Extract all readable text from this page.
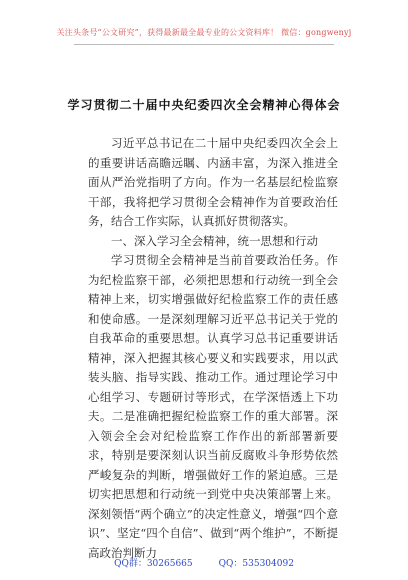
关注头条号“公文研究”，获得最新最全最专业的公文资料库！ 微信：gongwenyj
学习贯彻二十届中央纪委四次全会精神心得体会

习近平总书记在二十届中央纪委四次全会上的重要讲话高瞻远瞩、内涵丰富，为深入推进全面从严治党指明了方向。作为一名基层纪检监察干部，我将把学习贯彻全会精神作为首要政治任务，结合工作实际，认真抓好贯彻落实。

一、深入学习全会精神，统一思想和行动

学习贯彻全会精神是当前首要政治任务。作为纪检监察干部，必须把思想和行动统一到全会精神上来，切实增强做好纪检监察工作的责任感和使命感。一是深刻理解习近平总书记关于党的自我革命的重要思想。认真学习总书记重要讲话精神，深入把握其核心要义和实践要求，用以武装头脑、指导实践、推动工作。通过理论学习中心组学习、专题研讨等形式，在学深悟透上下功夫。二是准确把握纪检监察工作的重大部署。深入领会全会对纪检监察工作作出的新部署新要求，特别是要深刻认识当前反腐败斗争形势依然严峻复杂的判断，增强做好工作的紧迫感。三是切实把思想和行动统一到党中央决策部署上来。深刻领悟“两个确立”的决定性意义，增强“四个意识”、坚定“四个自信”、做到“两个维护”，不断提高政治判断力

QQ群：30265665	QQ：535304092
